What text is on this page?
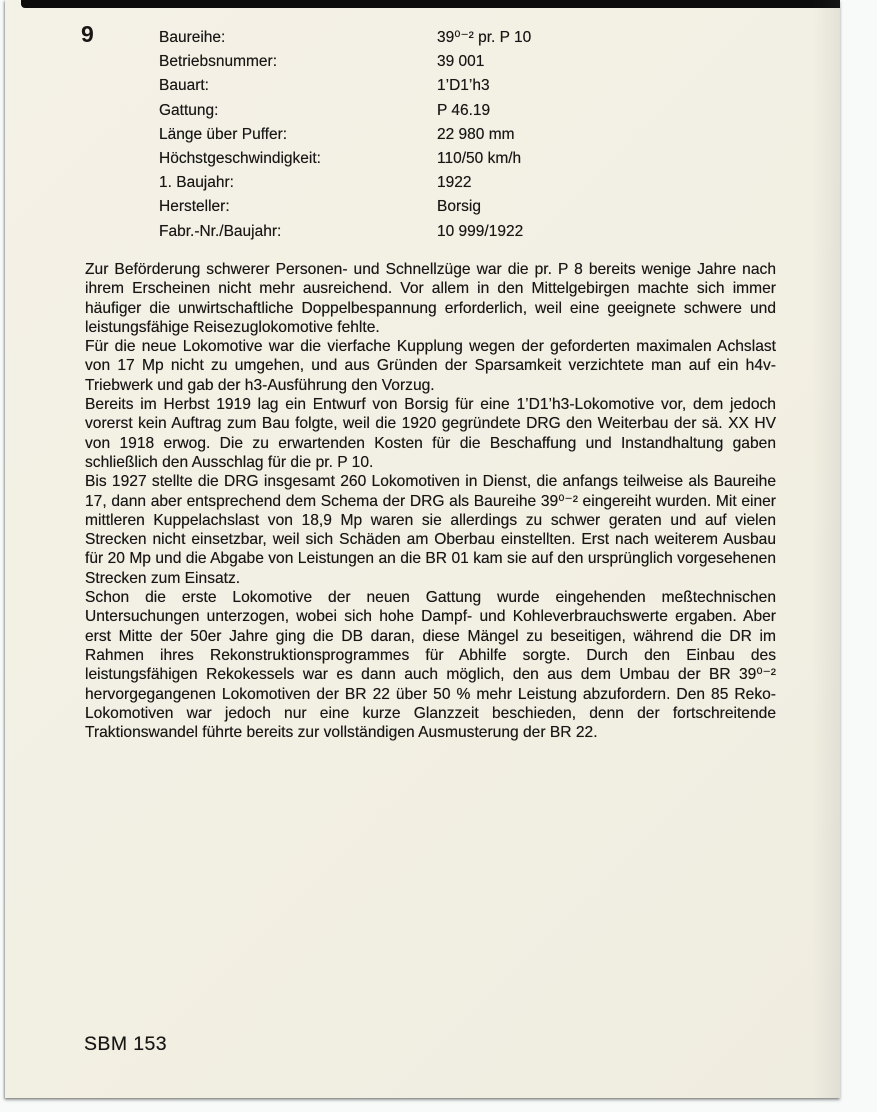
9	Baureihe:	39⁰⁻² pr. P 10
Betriebsnummer:	39 001
Bauart:	1’D1’h3
Gattung:	P 46.19
Länge über Puffer:	22 980 mm
Höchstgeschwindigkeit:	110/50 km/h
1. Baujahr:	1922
Hersteller:	Borsig
Fabr.-Nr./Baujahr:	10 999/1922

Zur Beförderung schwerer Personen- und Schnellzüge war die pr. P 8 bereits wenige Jahre nach ihrem Erscheinen nicht mehr ausreichend. Vor allem in den Mittelgebirgen machte sich immer häufiger die unwirtschaftliche Doppelbespannung erforderlich, weil eine geeignete schwere und leistungsfähige Reisezuglokomotive fehlte.

Für die neue Lokomotive war die vierfache Kupplung wegen der geforderten maximalen Achslast von 17 Mp nicht zu umgehen, und aus Gründen der Sparsamkeit verzichtete man auf ein h4v-Triebwerk und gab der h3-Ausführung den Vorzug.

Bereits im Herbst 1919 lag ein Entwurf von Borsig für eine 1’D1’h3-Lokomotive vor, dem jedoch vorerst kein Auftrag zum Bau folgte, weil die 1920 gegründete DRG den Weiterbau der sä. XX HV von 1918 erwog. Die zu erwartenden Kosten für die Beschaffung und Instandhaltung gaben schließlich den Ausschlag für die pr. P 10.

Bis 1927 stellte die DRG insgesamt 260 Lokomotiven in Dienst, die anfangs teilweise als Baureihe 17, dann aber entsprechend dem Schema der DRG als Baureihe 39⁰⁻² eingereiht wurden. Mit einer mittleren Kuppelachslast von 18,9 Mp waren sie allerdings zu schwer geraten und auf vielen Strecken nicht einsetzbar, weil sich Schäden am Oberbau einstellten. Erst nach weiterem Ausbau für 20 Mp und die Abgabe von Leistungen an die BR 01 kam sie auf den ursprünglich vorgesehenen Strecken zum Einsatz.

Schon die erste Lokomotive der neuen Gattung wurde eingehenden meßtechnischen Untersuchungen unterzogen, wobei sich hohe Dampf- und Kohleverbrauchswerte ergaben. Aber erst Mitte der 50er Jahre ging die DB daran, diese Mängel zu beseitigen, während die DR im Rahmen ihres Rekonstruktionsprogrammes für Abhilfe sorgte. Durch den Einbau des leistungsfähigen Rekokessels war es dann auch möglich, den aus dem Umbau der BR 39⁰⁻² hervorgegangenen Lokomotiven der BR 22 über 50 % mehr Leistung abzufordern. Den 85 Reko-Lokomotiven war jedoch nur eine kurze Glanzzeit beschieden, denn der fortschreitende Traktionswandel führte bereits zur vollständigen Ausmusterung der BR 22.

SBM 153
